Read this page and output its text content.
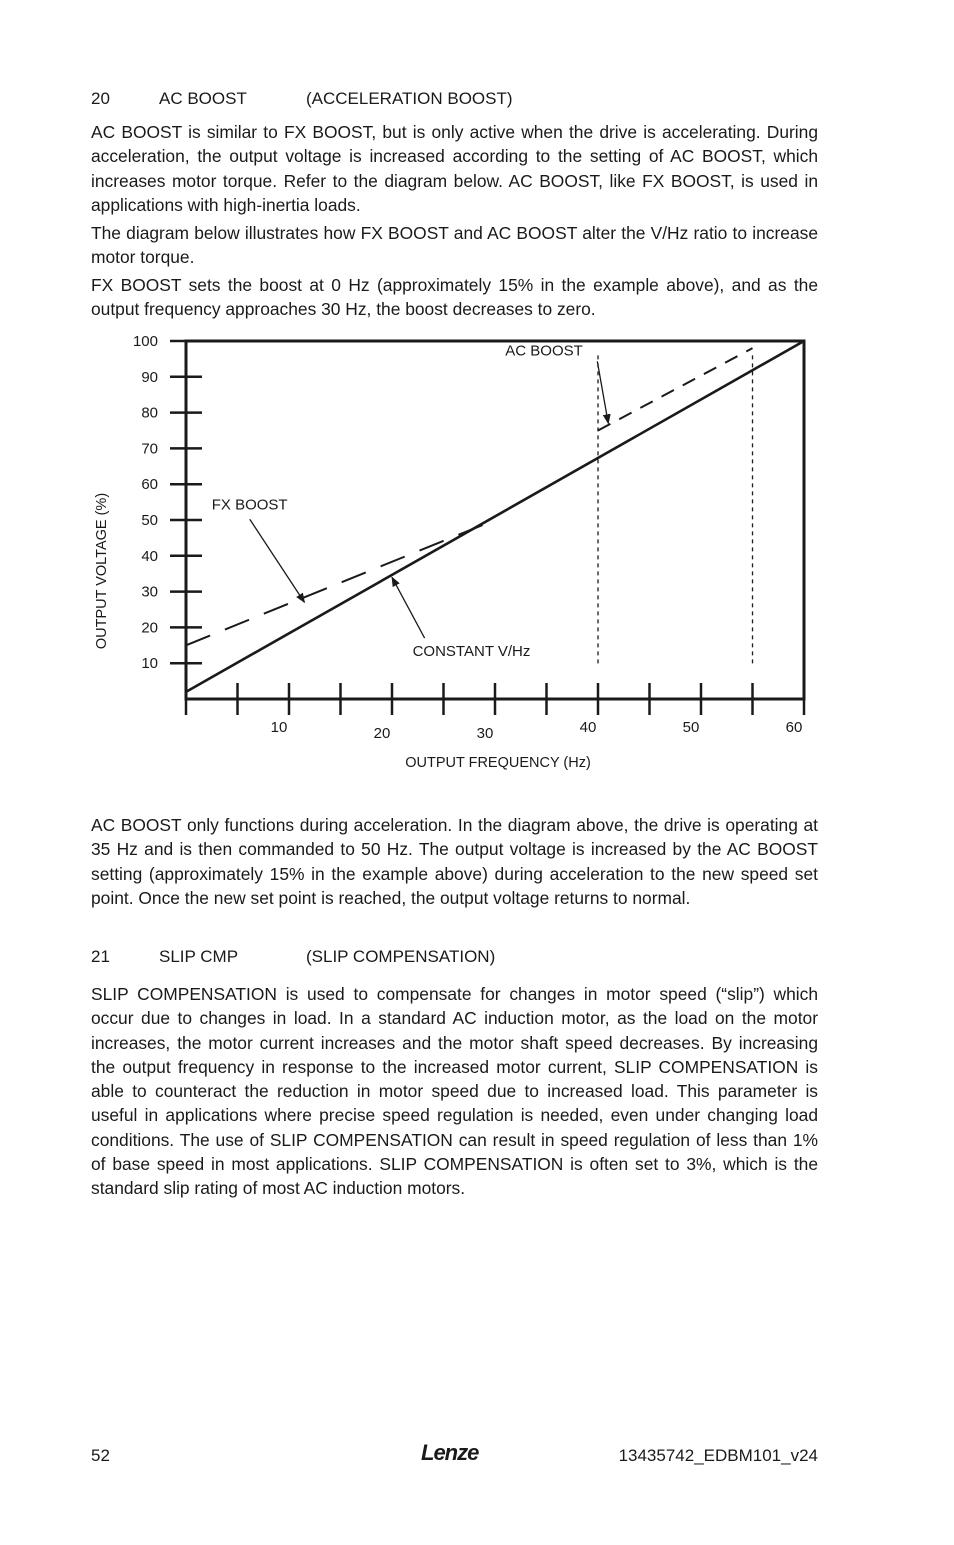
20	AC BOOST	(ACCELERATION BOOST)

AC BOOST is similar to FX BOOST, but is only active when the drive is accelerating. During acceleration, the output voltage is increased according to the setting of AC BOOST, which increases motor torque. Refer to the diagram below. AC BOOST, like FX BOOST, is used in applications with high-inertia loads.

The diagram below illustrates how FX BOOST and AC BOOST alter the V/Hz ratio to increase motor torque.

FX BOOST sets the boost at 0 Hz (approximately 15% in the example above), and as the output frequency approaches 30 Hz, the boost decreases to zero.

AC BOOST only functions during acceleration. In the diagram above, the drive is operating at 35 Hz and is then commanded to 50 Hz. The output voltage is increased by the AC BOOST setting (approximately 15% in the example above) during acceleration to the new speed set point. Once the new set point is reached, the output voltage returns to normal.

21	SLIP CMP	(SLIP COMPENSATION)

SLIP COMPENSATION is used to compensate for changes in motor speed (“slip”) which occur due to changes in load. In a standard AC induction motor, as the load on the motor increases, the motor current increases and the motor shaft speed decreases. By increasing the output frequency in response to the increased motor current, SLIP COMPENSATION is able to counteract the reduction in motor speed due to increased load. This parameter is useful in applications where precise speed regulation is needed, even under changing load conditions. The use of SLIP COMPENSATION can result in speed regulation of less than 1% of base speed in most applications. SLIP COMPENSATION is often set to 3%, which is the standard slip rating of most AC induction motors.

52	13435742_EDBM101_v24
Lenze
10
20
30
40
50
60
70
80
90
100
10	20	30	40	50	60
AC BOOST
FX BOOST
CONSTANT V/Hz
OUTPUT FREQUENCY (Hz)
OUTPUT VOLTAGE (%)
